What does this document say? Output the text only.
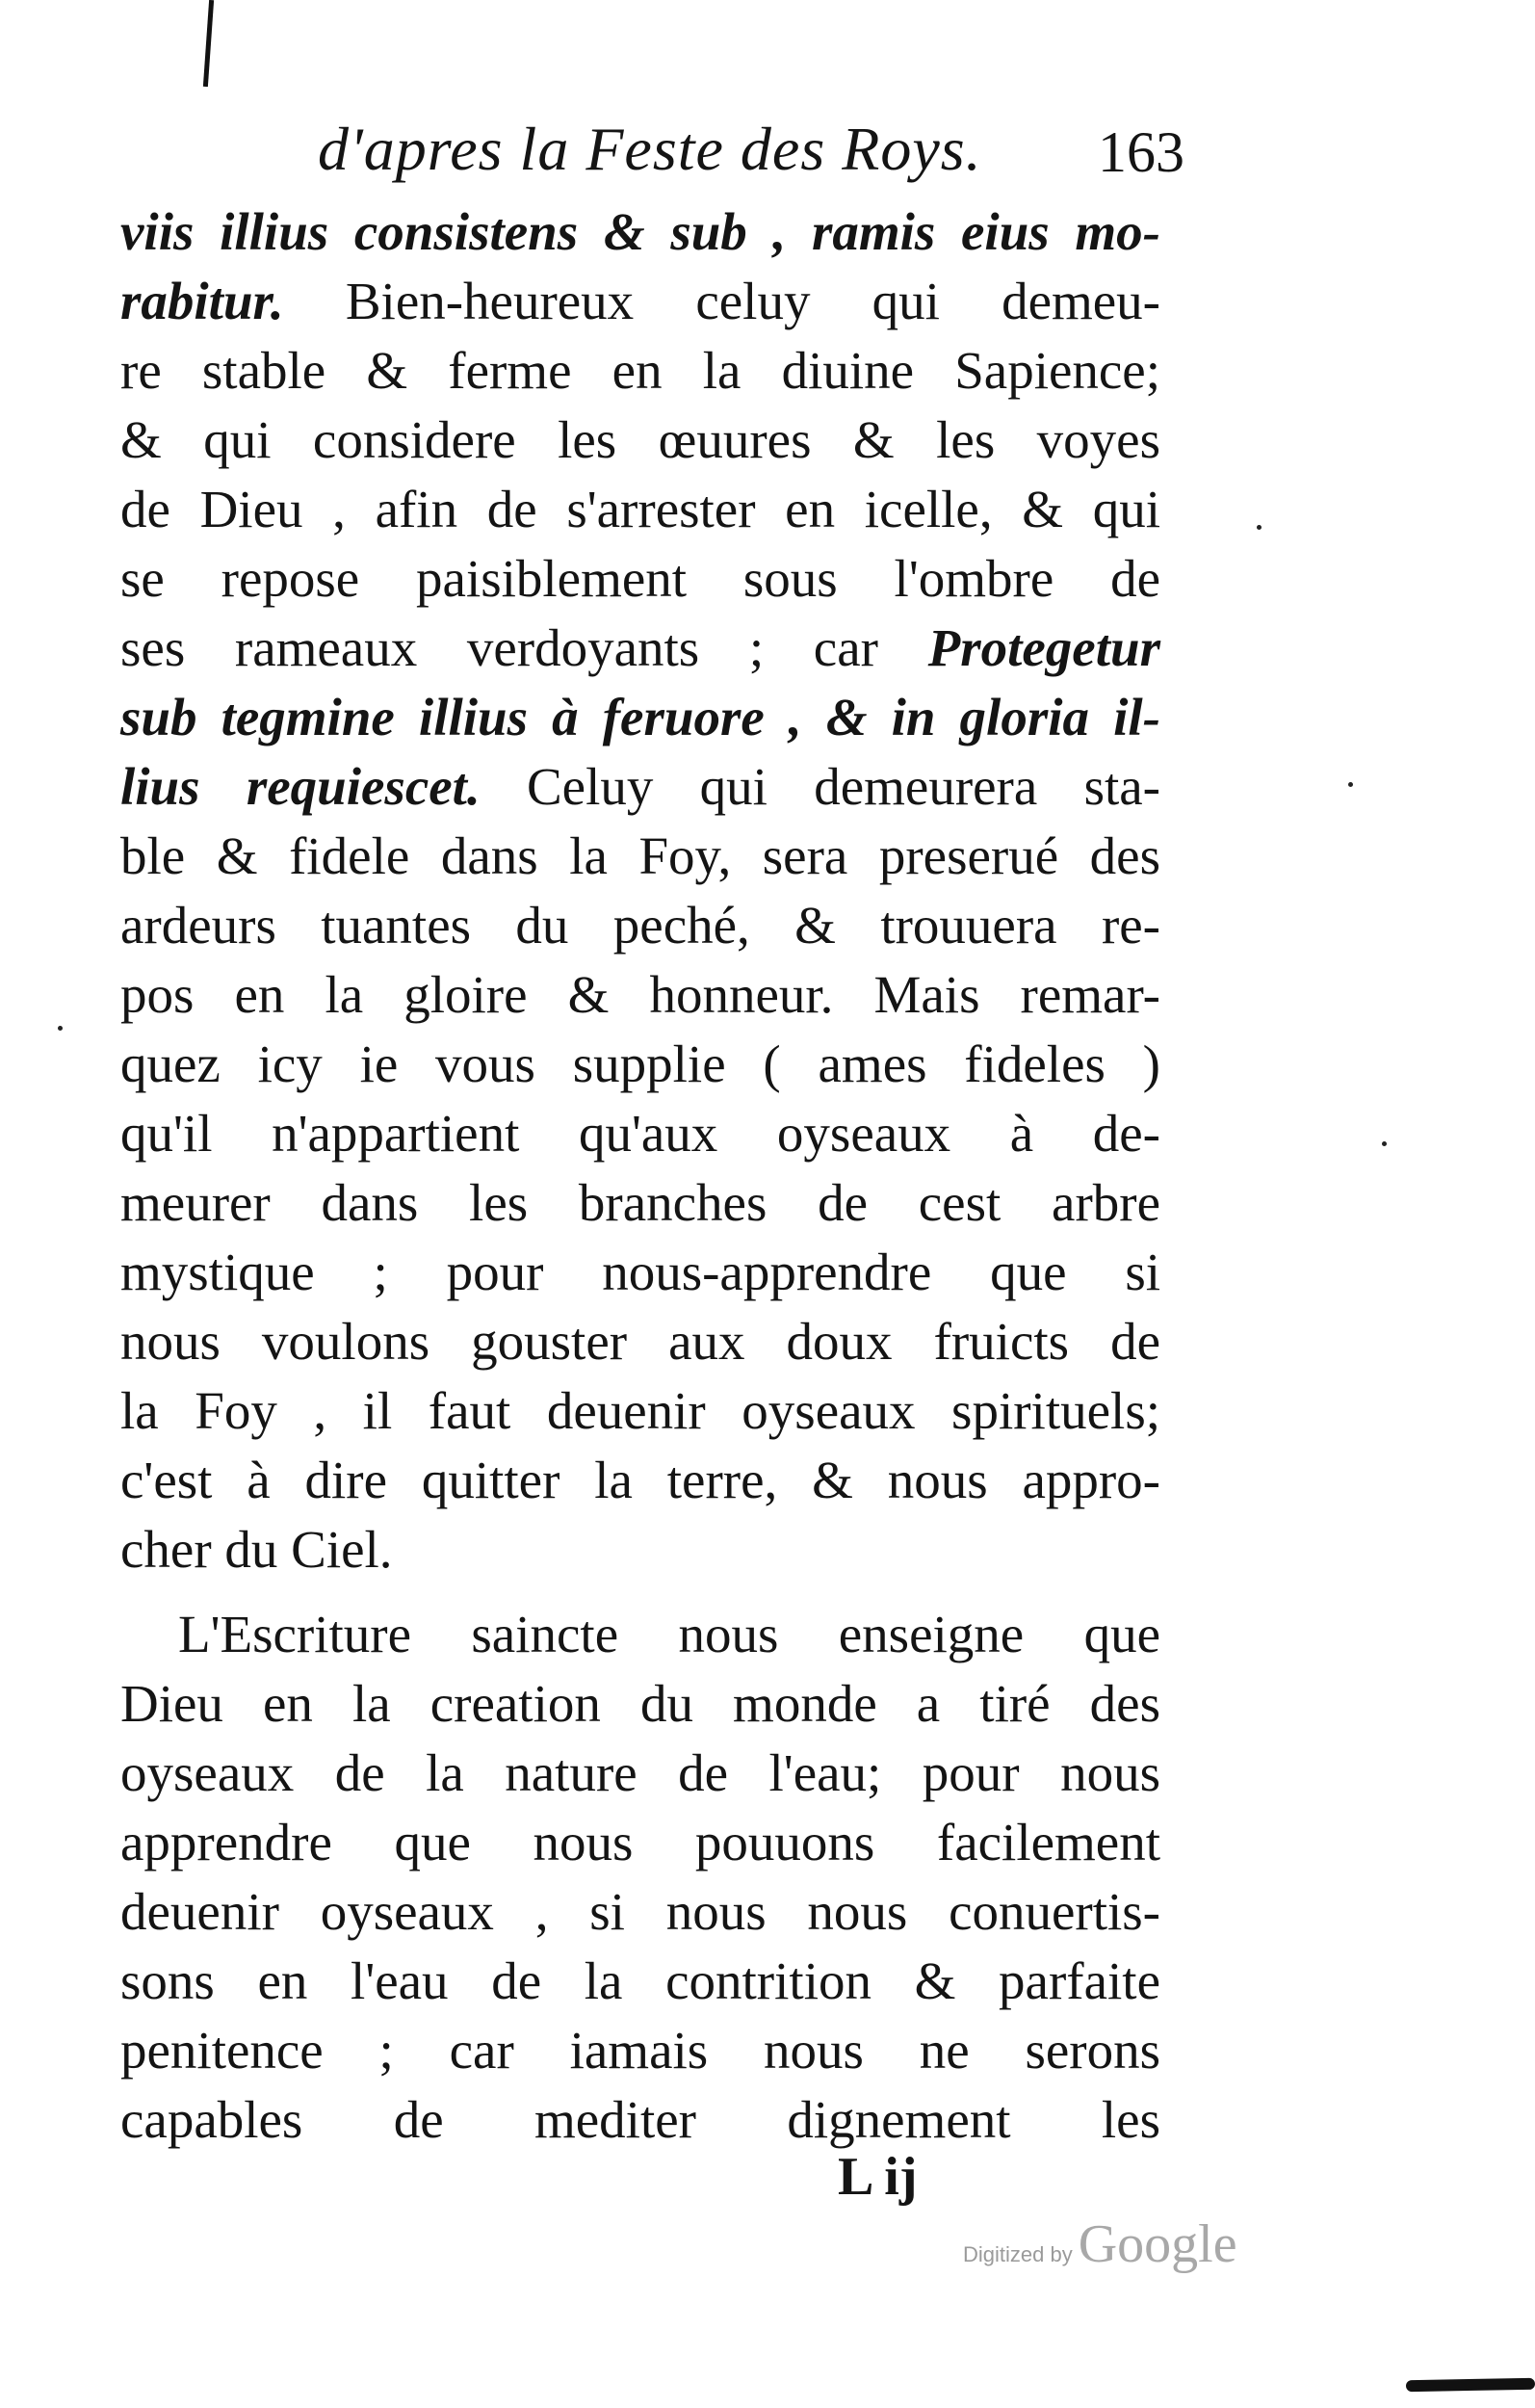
d'apres la Feste des Roys. 163
viis illius consistens & sub , ramis eius mo-
rabitur. Bien-heureux celuy qui demeu-
re stable & ferme en la diuine Sapience;
& qui considere les œuures & les voyes
de Dieu , afin de s'arrester en icelle, & qui
se repose paisiblement sous l'ombre de
ses rameaux verdoyants ; car Protegetur
sub tegmine illius à feruore , & in gloria il-
lius requiescet. Celuy qui demeurera sta-
ble & fidele dans la Foy, sera preserué des
ardeurs tuantes du peché, & trouuera re-
pos en la gloire & honneur. Mais remar-
quez icy ie vous supplie ( ames fideles )
qu'il n'appartient qu'aux oyseaux à de-
meurer dans les branches de cest arbre
mystique ; pour nous-apprendre que si
nous voulons gouster aux doux fruicts de
la Foy , il faut deuenir oyseaux spirituels;
c'est à dire quitter la terre, & nous appro-
cher du Ciel.
L'Escriture saincte nous enseigne que
Dieu en la creation du monde a tiré des
oyseaux de la nature de l'eau; pour nous
apprendre que nous pouuons facilement
deuenir oyseaux , si nous nous conuertis-
sons en l'eau de la contrition & parfaite
penitence ; car iamais nous ne serons
capables de mediter dignement les
L ij
Digitized by Google
